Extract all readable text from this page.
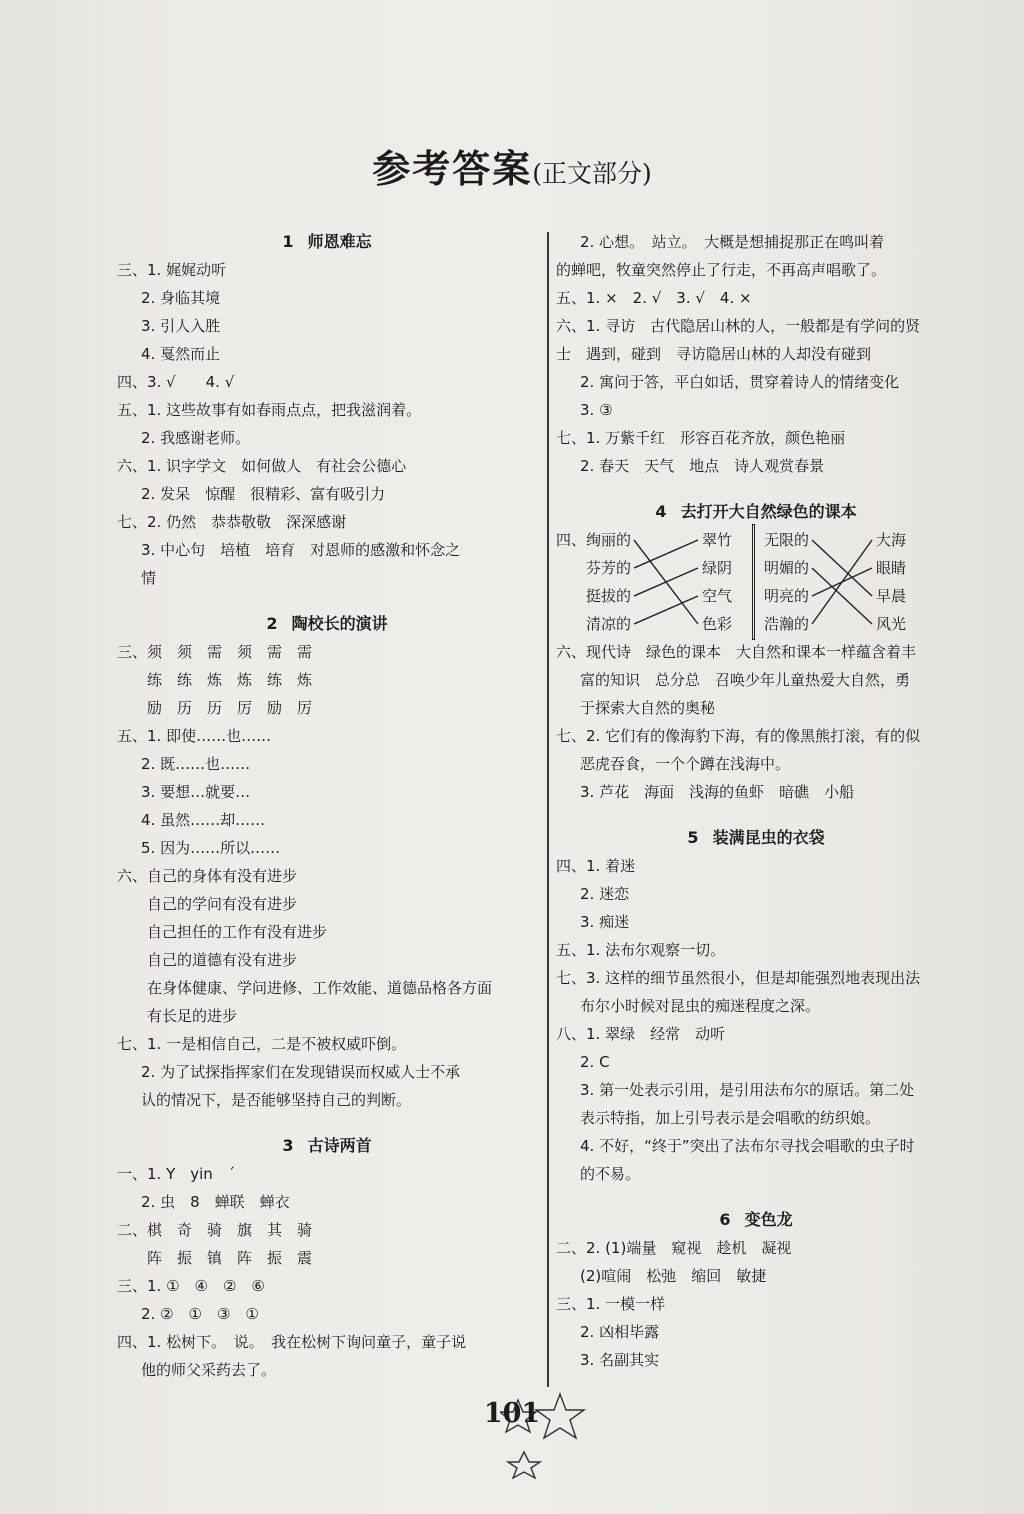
参考答案(正文部分)
1 师恩难忘
三、1. 娓娓动听
2. 身临其境
3. 引人入胜
4. 戛然而止
四、3. √　　4. √
五、1. 这些故事有如春雨点点，把我滋润着。
2. 我感谢老师。
六、1. 识字学文　如何做人　有社会公德心
2. 发呆　惊醒　很精彩、富有吸引力
七、2. 仍然　恭恭敬敬　深深感谢
3. 中心句　培植　培育　对恩师的感激和怀念之
情
2 陶校长的演讲
三、须　须　需　须　需　需
练　练　炼　炼　练　炼
励　历　历　厉　励　厉
五、1. 即使……也……
2. 既……也……
3. 要想…就要…
4. 虽然……却……
5. 因为……所以……
六、自己的身体有没有进步
自己的学问有没有进步
自己担任的工作有没有进步
自己的道德有没有进步
在身体健康、学问进修、工作效能、道德品格各方面
有长足的进步
七、1. 一是相信自己，二是不被权威吓倒。
2. 为了试探指挥家们在发现错误而权威人士不承
认的情况下，是否能够坚持自己的判断。
3 古诗两首
一、1. Y　yin　ˊ
2. 虫　8　蝉联　蝉衣
二、棋　奇　骑　旗　其　骑
阵　振　镇　阵　振　震
三、1. ①　④　②　⑥
2. ②　①　③　①
四、1. 松树下。　说。　我在松树下询问童子，童子说
他的师父采药去了。
2. 心想。　站立。　大概是想捕捉那正在鸣叫着
的蝉吧，牧童突然停止了行走，不再高声唱歌了。
五、1. ×　2. √　3. √　4. ×
六、1. 寻访　古代隐居山林的人，一般都是有学问的贤
士　遇到，碰到　寻访隐居山林的人却没有碰到
2. 寓问于答，平白如话，贯穿着诗人的情绪变化
3. ③
七、1. 万紫千红　形容百花齐放，颜色艳丽
2. 春天　天气　地点　诗人观赏春景
4 去打开大自然绿色的课本
四、 绚丽的
芬芳的
挺拔的
清凉的
翠竹
绿阴
空气
色彩
无限的
明媚的
明亮的
浩瀚的
大海
眼睛
早晨
风光
六、现代诗　绿色的课本　大自然和课本一样蕴含着丰
富的知识　总分总　召唤少年儿童热爱大自然，勇
于探索大自然的奥秘
七、2. 它们有的像海豹下海，有的像黑熊打滚，有的似
恶虎吞食，一个个蹲在浅海中。
3. 芦花　海面　浅海的鱼虾　暗礁　小船
5 装满昆虫的衣袋
四、1. 着迷
2. 迷恋
3. 痴迷
五、1. 法布尔观察一切。
七、3. 这样的细节虽然很小，但是却能强烈地表现出法
布尔小时候对昆虫的痴迷程度之深。
八、1. 翠绿　经常　动听
2. C
3. 第一处表示引用，是引用法布尔的原话。第二处
表示特指，加上引号表示是会唱歌的纺织娘。
4. 不好，“终于”突出了法布尔寻找会唱歌的虫子时
的不易。
6 变色龙
二、2. (1)端量　窥视　趁机　凝视
(2)喧闹　松弛　缩回　敏捷
三、1. 一模一样
2. 凶相毕露
3. 名副其实
101
